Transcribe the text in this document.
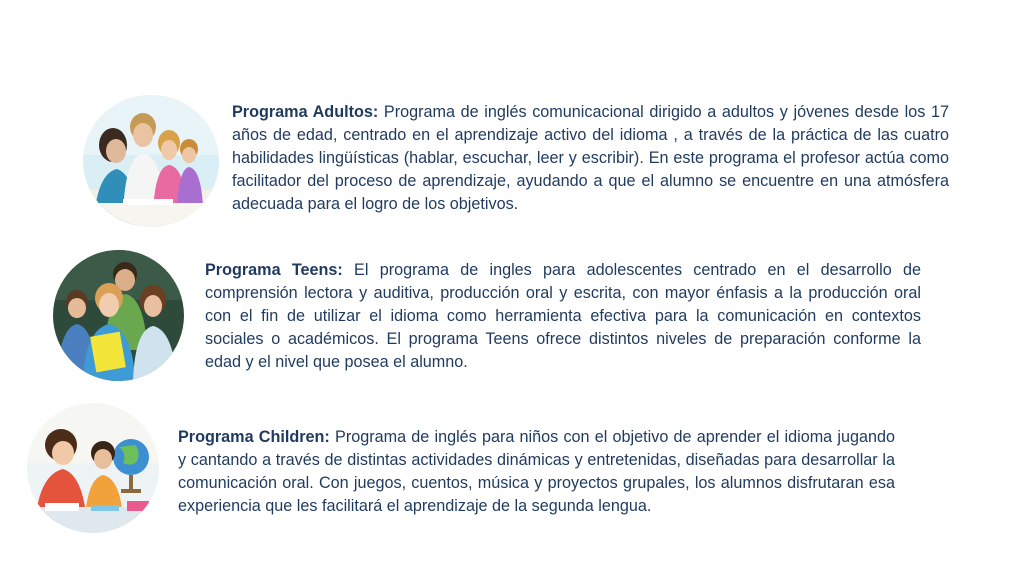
Programa Adultos: Programa de inglés comunicacional dirigido a adultos y jóvenes desde los 17 años de edad, centrado en el aprendizaje activo del idioma , a través de la práctica de las cuatro habilidades lingüísticas (hablar, escuchar, leer y escribir). En este programa el profesor actúa como facilitador del proceso de aprendizaje, ayudando a que el alumno se encuentre en una atmósfera adecuada para el logro de los objetivos.

Programa Teens: El programa de ingles para adolescentes centrado en el desarrollo de comprensión lectora y auditiva, producción oral y escrita, con mayor énfasis a la producción oral con el fin de utilizar el idioma como herramienta efectiva para la comunicación en contextos sociales o académicos. El programa Teens ofrece distintos niveles de preparación conforme la edad y el nivel que posea el alumno.

Programa Children: Programa de inglés para niños con el objetivo de aprender el idioma jugando y cantando a través de distintas actividades dinámicas y entretenidas, diseñadas para desarrollar la comunicación oral. Con juegos, cuentos, música y proyectos grupales, los alumnos disfrutaran esa experiencia que les facilitará el aprendizaje de la segunda lengua.
